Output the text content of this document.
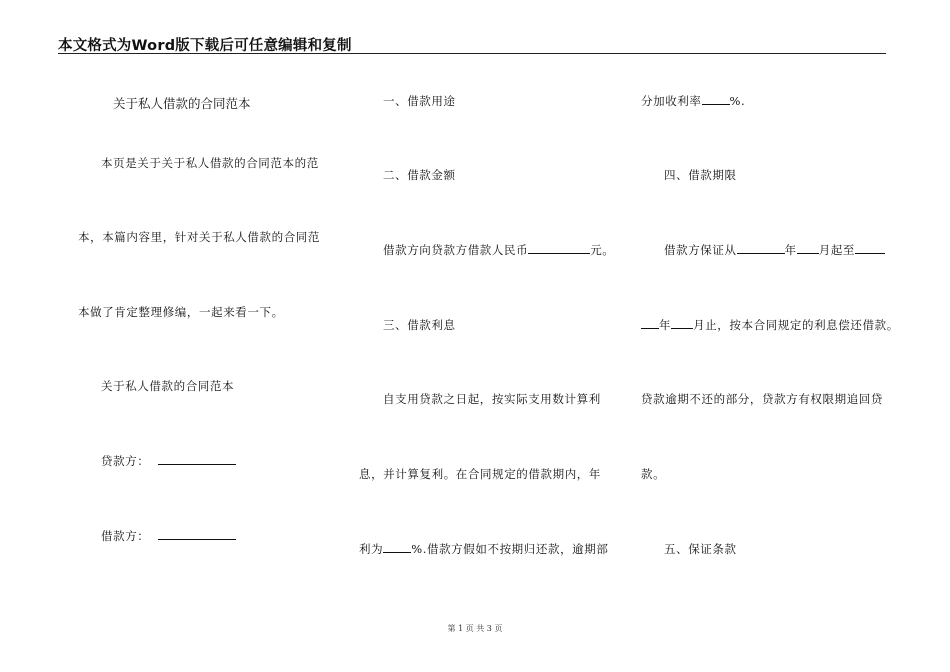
本文格式为Word版下载后可任意编辑和复制
关于私人借款的合同范本
本页是关于关于私人借款的合同范本的范
本，本篇内容里，针对关于私人借款的合同范
本做了肯定整理修编，一起来看一下。
关于私人借款的合同范本
贷款方：
借款方：
一、借款用途
二、借款金额
借款方向贷款方借款人民币	元。
三、借款利息
自支用贷款之日起，按实际支用数计算利
息，并计算复利。在合同规定的借款期内，年
利为 %.借款方假如不按期归还款，逾期部
分加收利率 %.
四、借款期限
借款方保证从	年 月起至
年 月止，按本合同规定的利息偿还借款。
贷款逾期不还的部分，贷款方有权限期追回贷
款。
五、保证条款
第 1 页 共 3 页
